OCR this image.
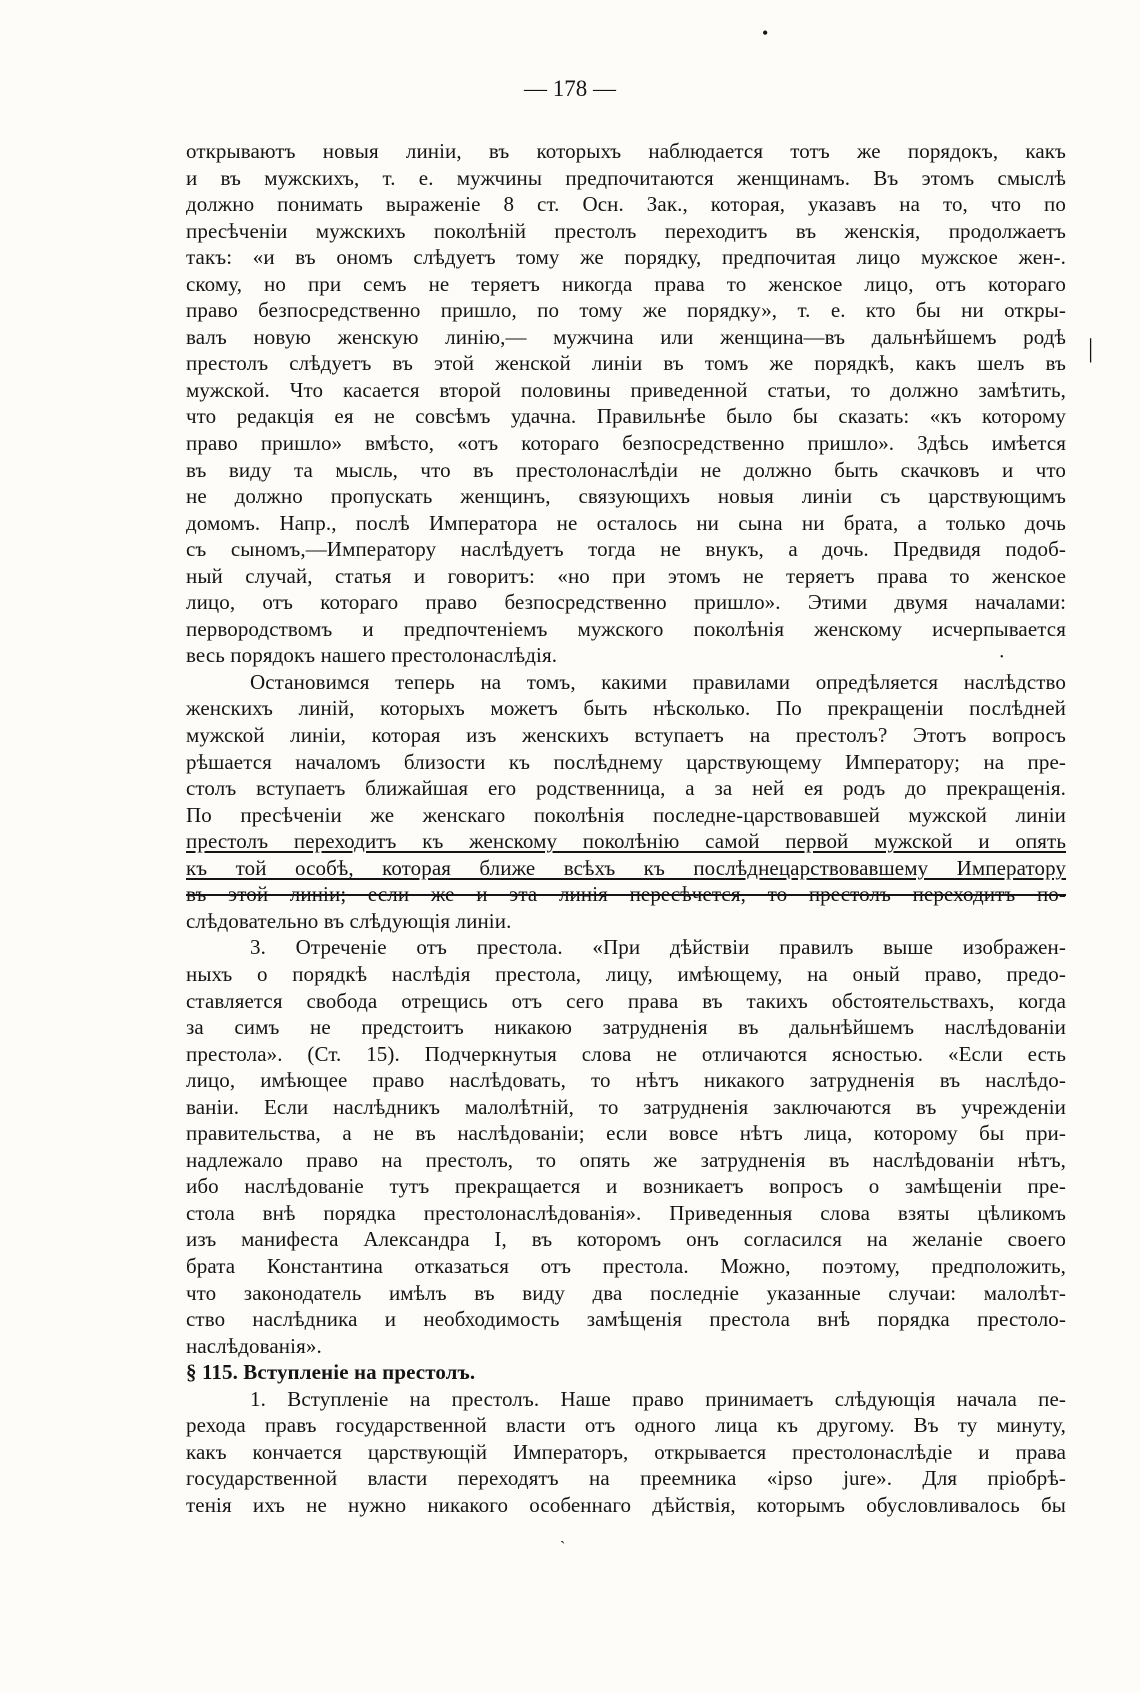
•
— 178 —
|
•
ˏ
открываютъ новыя линіи, въ которыхъ наблюдается тотъ же порядокъ, какъ
и въ мужскихъ, т. е. мужчины предпочитаются женщинамъ. Въ этомъ смыслѣ
должно понимать выраженіе 8 ст. Осн. Зак., которая, указавъ на то, что по
пресѣченіи мужскихъ поколѣній престолъ переходитъ въ женскія, продолжаетъ
такъ: «и въ ономъ слѣдуетъ тому же порядку, предпочитая лицо мужское жен-.
скому, но при семъ не теряетъ никогда права то женское лицо, отъ котораго
право безпосредственно пришло, по тому же порядку», т. е. кто бы ни откры-
валъ новую женскую линію,— мужчина или женщина—въ дальнѣйшемъ родѣ
престолъ слѣдуетъ въ этой женской линіи въ томъ же порядкѣ, какъ шелъ въ
мужской. Что касается второй половины приведенной статьи, то должно замѣтить,
что редакція ея не совсѣмъ удачна. Правильнѣе было бы сказать: «къ которому
право пришло» вмѣсто, «отъ котораго безпосредственно пришло». Здѣсь имѣется
въ виду та мысль, что въ престолонаслѣдіи не должно быть скачковъ и что
не должно пропускать женщинъ, связующихъ новыя линіи съ царствующимъ
домомъ. Напр., послѣ Императора не осталось ни сына ни брата, а только дочь
съ сыномъ,—Императору наслѣдуетъ тогда не внукъ, а дочь. Предвидя подоб-
ный случай, статья и говоритъ: «но при этомъ не теряетъ права то женское
лицо, отъ котораго право безпосредственно пришло». Этими двумя началами:
первородствомъ и предпочтеніемъ мужского поколѣнія женскому исчерпывается
весь порядокъ нашего престолонаслѣдія.
Остановимся теперь на томъ, какими правилами опредѣляется наслѣдство
женскихъ линій, которыхъ можетъ быть нѣсколько. По прекращеніи послѣдней
мужской линіи, которая изъ женскихъ вступаетъ на престолъ? Этотъ вопросъ
рѣшается началомъ близости къ послѣднему царствующему Императору; на пре-
столъ вступаетъ ближайшая его родственница, а за ней ея родъ до прекращенія.
По пресѣченіи же женскаго поколѣнія последне-царствовавшей мужской линіи
престолъ переходитъ къ женскому поколѣнію самой первой мужской и опять
къ той особѣ, которая ближе всѣхъ къ послѣднецарствовавшему Императору
въ этой линіи; если же и эта линія пересѣчется, то престолъ переходитъ по-
слѣдовательно въ слѣдующія линіи.
3. Отреченіе отъ престола. «При дѣйствіи правилъ выше изображен-
ныхъ о порядкѣ наслѣдія престола, лицу, имѣющему, на оный право, предо-
ставляется свобода отрещись отъ сего права въ такихъ обстоятельствахъ, когда
за симъ не предстоитъ никакою затрудненія въ дальнѣйшемъ наслѣдованіи
престола». (Ст. 15). Подчеркнутыя слова не отличаются ясностью. «Если есть
лицо, имѣющее право наслѣдовать, то нѣтъ никакого затрудненія въ наслѣдо-
ваніи. Если наслѣдникъ малолѣтній, то затрудненія заключаются въ учрежденіи
правительства, а не въ наслѣдованіи; если вовсе нѣтъ лица, которому бы при-
надлежало право на престолъ, то опять же затрудненія въ наслѣдованіи нѣтъ,
ибо наслѣдованіе тутъ прекращается и возникаетъ вопросъ о замѣщеніи пре-
стола внѣ порядка престолонаслѣдованія». Приведенныя слова взяты цѣликомъ
изъ манифеста Александра I, въ которомъ онъ согласился на желаніе своего
брата Константина отказаться отъ престола. Можно, поэтому, предположить,
что законодатель имѣлъ въ виду два последніе указанные случаи: малолѣт-
ство наслѣдника и необходимость замѣщенія престола внѣ порядка престоло-
наслѣдованія».
§ 115. Вступленіе на престолъ.
1. Вступленіе на престолъ. Наше право принимаетъ слѣдующія начала пе-
рехода правъ государственной власти отъ одного лица къ другому. Въ ту минуту,
какъ кончается царствующій Императоръ, открывается престолонаслѣдіе и права
государственной власти переходятъ на преемника «ipso jure». Для пріобрѣ-
тенія ихъ не нужно никакого особеннаго дѣйствія, которымъ обусловливалось бы
